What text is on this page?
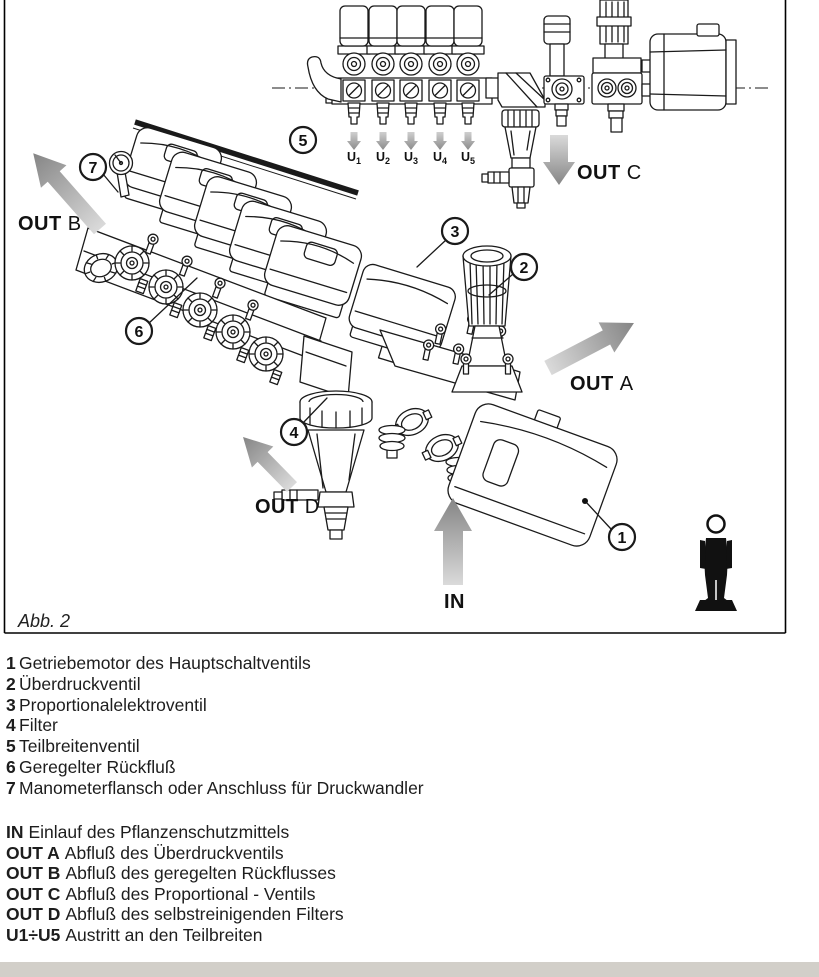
$U_1$ $U_2$ $U_3$ $U_4$ $U_5$
OUT C
OUT B
OUT A
OUT D
IN
1
2
3
4
5
6
7
Abb. 2
1 Getriebemotor des Hauptschaltventils
2 Überdruckventil
3 Proportionalelektroventil
4 Filter
5 Teilbreitenventil
6 Geregelter Rückfluß
7 Manometerflansch oder Anschluss für Druckwandler
IN Einlauf des Pflanzenschutzmittels
OUT A Abfluß des Überdruckventils
OUT B Abfluß des geregelten Rückflusses
OUT C Abfluß des Proportional - Ventils
OUT D Abfluß des selbstreinigenden Filters
U1÷U5 Austritt an den Teilbreiten
